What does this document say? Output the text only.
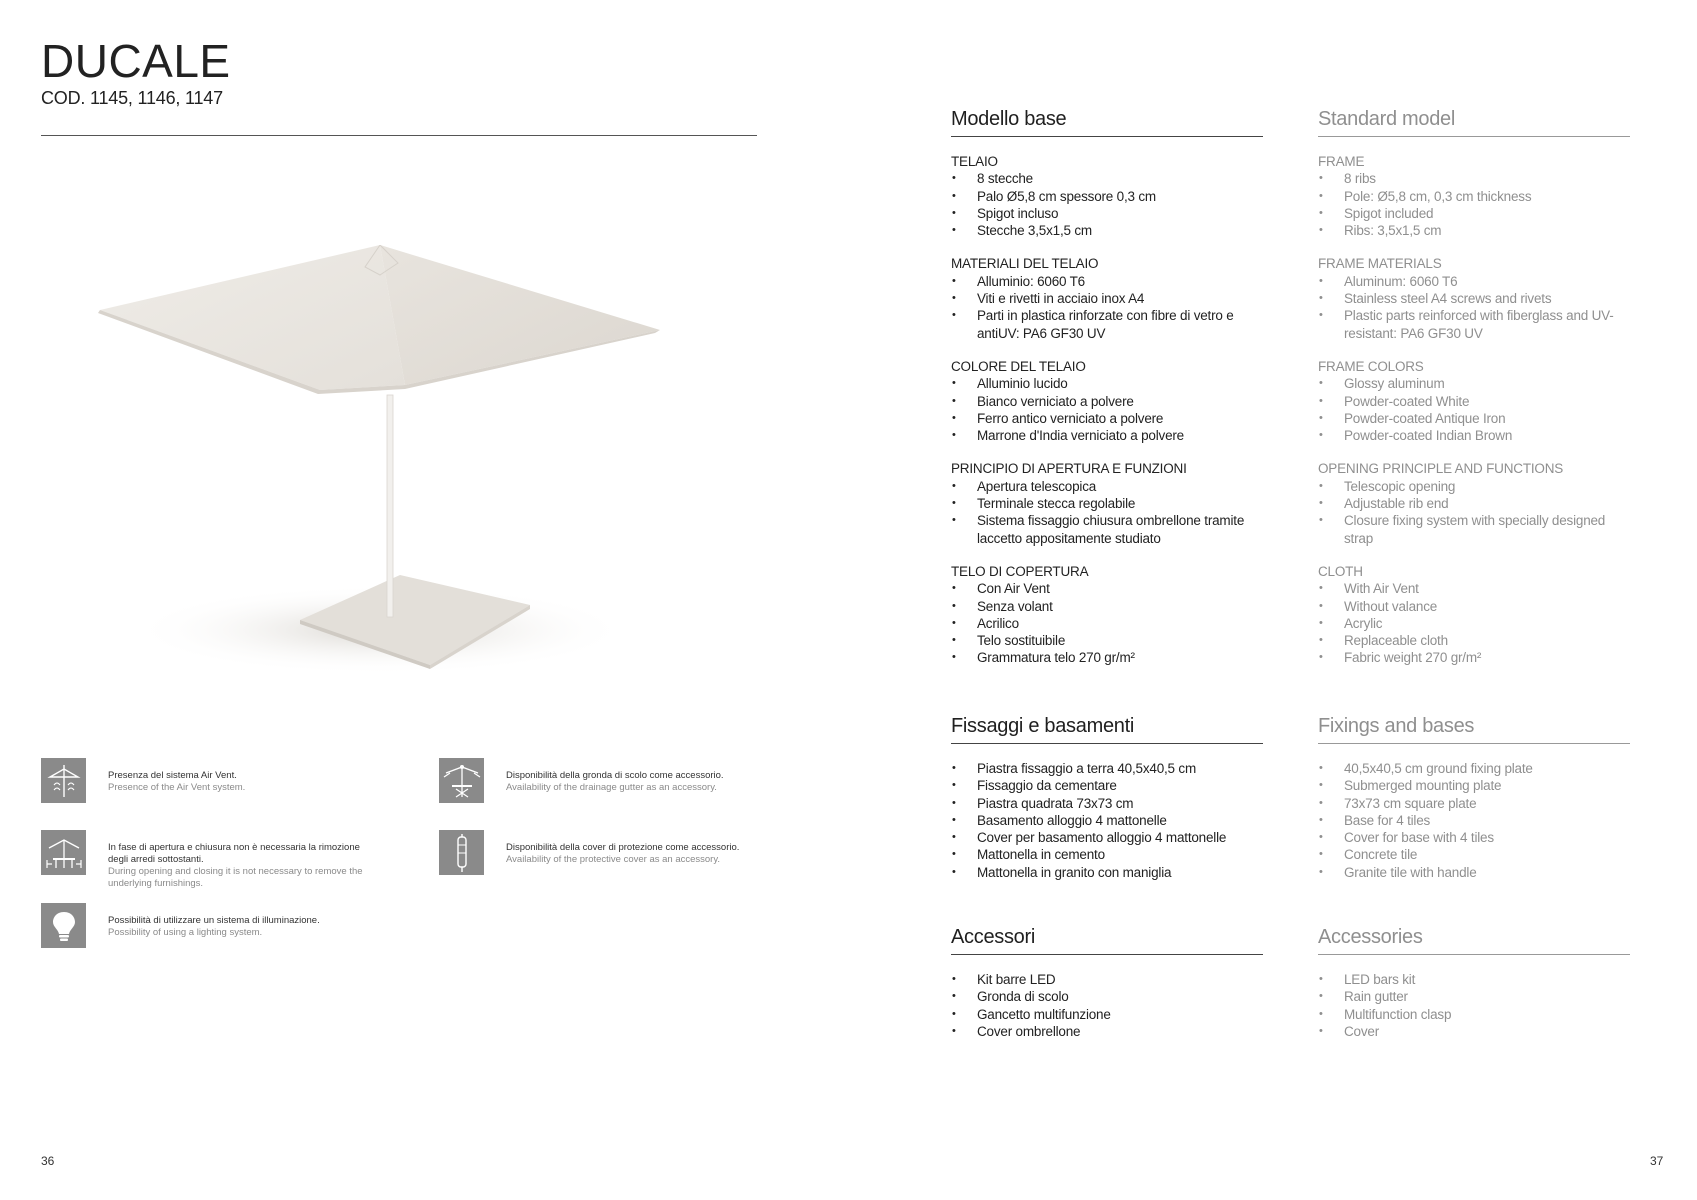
DUCALE
COD. 1145, 1146, 1147
Presenza del sistema Air Vent.
Presence of the Air Vent system.
Disponibilità della gronda di scolo come accessorio.
Availability of the drainage gutter as an accessory.
In fase di apertura e chiusura non è necessaria la rimozione degli arredi sottostanti.
During opening and closing it is not necessary to remove the underlying furnishings.
Disponibilità della cover di protezione come accessorio.
Availability of the protective cover as an accessory.
Possibilità di utilizzare un sistema di illuminazione.
Possibility of using a lighting system.
36
Modello base
TELAIO
• 8 stecche
• Palo Ø5,8 cm spessore 0,3 cm
• Spigot incluso
• Stecche 3,5x1,5 cm
MATERIALI DEL TELAIO
• Alluminio: 6060 T6
• Viti e rivetti in acciaio inox A4
• Parti in plastica rinforzate con fibre di vetro e antiUV: PA6 GF30 UV
COLORE DEL TELAIO
• Alluminio lucido
• Bianco verniciato a polvere
• Ferro antico verniciato a polvere
• Marrone d'India verniciato a polvere
PRINCIPIO DI APERTURA E FUNZIONI
• Apertura telescopica
• Terminale stecca regolabile
• Sistema fissaggio chiusura ombrellone tramite laccetto appositamente studiato
TELO DI COPERTURA
• Con Air Vent
• Senza volant
• Acrilico
• Telo sostituibile
• Grammatura telo 270 gr/m²
Fissaggi e basamenti
• Piastra fissaggio a terra 40,5x40,5 cm
• Fissaggio da cementare
• Piastra quadrata 73x73 cm
• Basamento alloggio 4 mattonelle
• Cover per basamento alloggio 4 mattonelle
• Mattonella in cemento
• Mattonella in granito con maniglia
Accessori
• Kit barre LED
• Gronda di scolo
• Gancetto multifunzione
• Cover ombrellone
Standard model
FRAME
• 8 ribs
• Pole: Ø5,8 cm, 0,3 cm thickness
• Spigot included
• Ribs: 3,5x1,5 cm
FRAME MATERIALS
• Aluminum: 6060 T6
• Stainless steel A4 screws and rivets
• Plastic parts reinforced with fiberglass and UV-resistant: PA6 GF30 UV
FRAME COLORS
• Glossy aluminum
• Powder-coated White
• Powder-coated Antique Iron
• Powder-coated Indian Brown
OPENING PRINCIPLE AND FUNCTIONS
• Telescopic opening
• Adjustable rib end
• Closure fixing system with specially designed strap
CLOTH
• With Air Vent
• Without valance
• Acrylic
• Replaceable cloth
• Fabric weight 270 gr/m²
Fixings and bases
• 40,5x40,5 cm ground fixing plate
• Submerged mounting plate
• 73x73 cm square plate
• Base for 4 tiles
• Cover for base with 4 tiles
• Concrete tile
• Granite tile with handle
Accessories
• LED bars kit
• Rain gutter
• Multifunction clasp
• Cover
37
